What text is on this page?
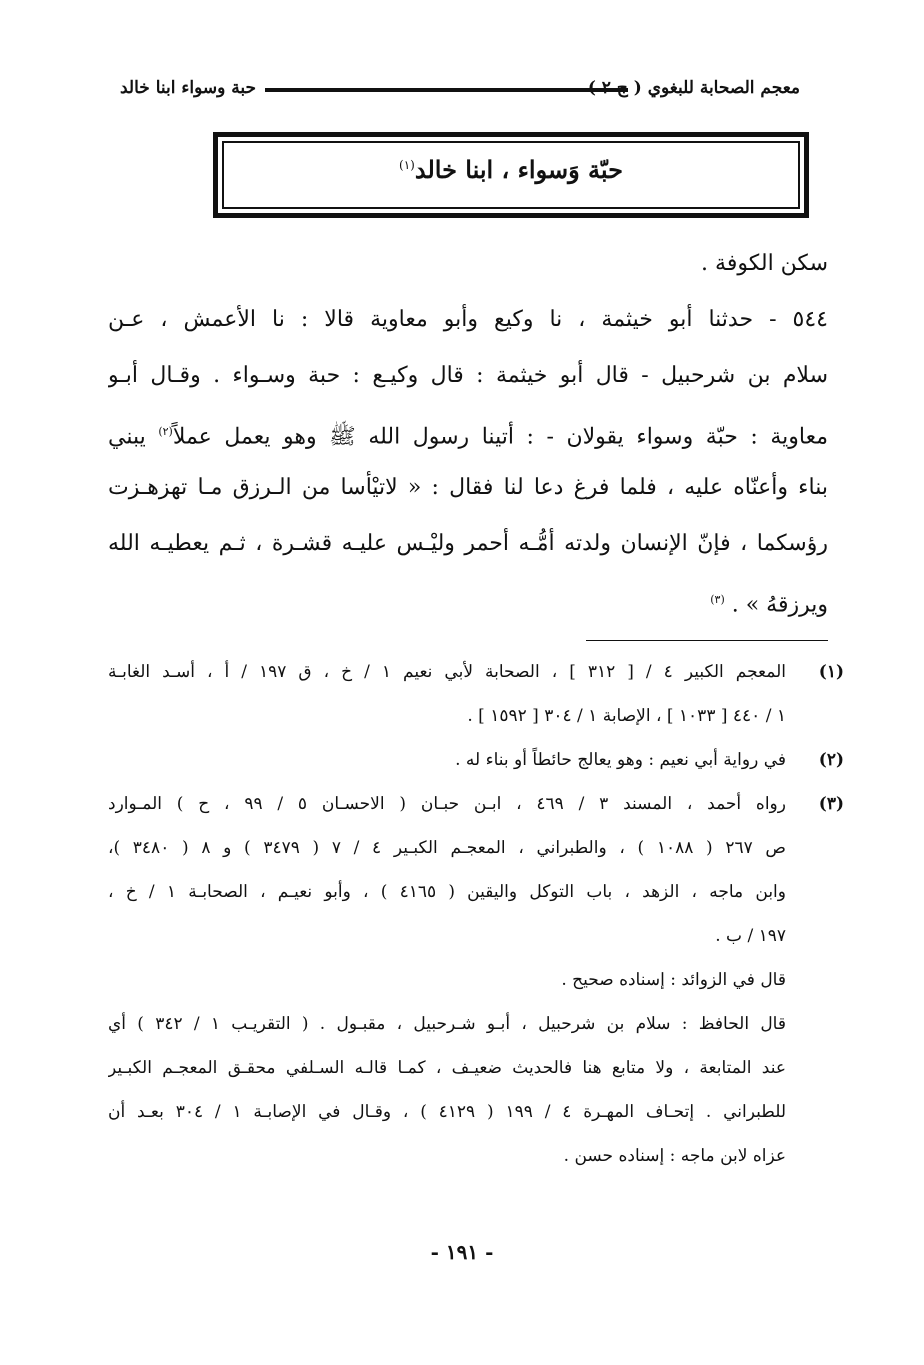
معجم الصحابة للبغوي ( ج ٢ )
حبة وسواء ابنا خالد
حبّة وَسواء ، ابنا خالد$^{(١)}$
سكن الكوفة .
٥٤٤ - حدثنا أبو خيثمة ، نا وكيع وأبو معاوية قالا : نا الأعمش ، عـن
سلام بن شرحبيل - قال أبو خيثمة : قال وكيـع : حبة وسـواء . وقـال أبـو
معاوية : حبّة وسواء يقولان - : أتينا رسول الله ﷺ وهو يعمل عملاً$^{(٢)}$ يبني
بناء وأعنّاه عليه ، فلما فرغ دعا لنا فقال : « لاتيْأسا من الـرزق مـا تهزهـزت
رؤسكما ، فإنّ الإنسان ولدته أمُّـه أحمر وليْـس عليـه قشـرة ، ثـم يعطيـه الله
ويرزقهُ » . $^{(٣)}$
(١)
المعجم الكبير ٤ / [ ٣١٢ ] ، الصحابة لأبي نعيم ١ / خ ، ق ١٩٧ / أ ، أسـد الغابـة
١ / ٤٤٠ [ ١٠٣٣ ] ، الإصابة ١ / ٣٠٤ [ ١٥٩٢ ] .
(٢)
في رواية أبي نعيم : وهو يعالج حائطاً أو بناء له .
(٣)
رواه أحمد ، المسند ٣ / ٤٦٩ ، ابـن حبـان ( الاحسـان ٥ / ٩٩ ، ح ) المـوارد
ص ٢٦٧ ( ١٠٨٨ ) ، والطبراني ، المعجـم الكبـير ٤ / ٧ ( ٣٤٧٩ ) و ٨ ( ٣٤٨٠ )،
وابن ماجه ، الزهد ، باب التوكل واليقين ( ٤١٦٥ ) ، وأبو نعيـم ، الصحابـة ١ / خ ،
١٩٧ / ب .
قال في الزوائد : إسناده صحيح .
قال الحافظ : سلام بن شرحبيل ، أبـو شـرحبيل ، مقبـول . ( التقريـب ١ / ٣٤٢ ) أي
عند المتابعة ، ولا متابع هنا فالحديث ضعيـف ، كمـا قالـه السـلفي محقـق المعجـم الكبـير
للطبراني . إتحـاف المهـرة ٤ / ١٩٩ ( ٤١٢٩ ) ، وقـال في الإصابـة ١ / ٣٠٤ بعـد أن
عزاه لابن ماجه : إسناده حسن .
- ١٩١ -
